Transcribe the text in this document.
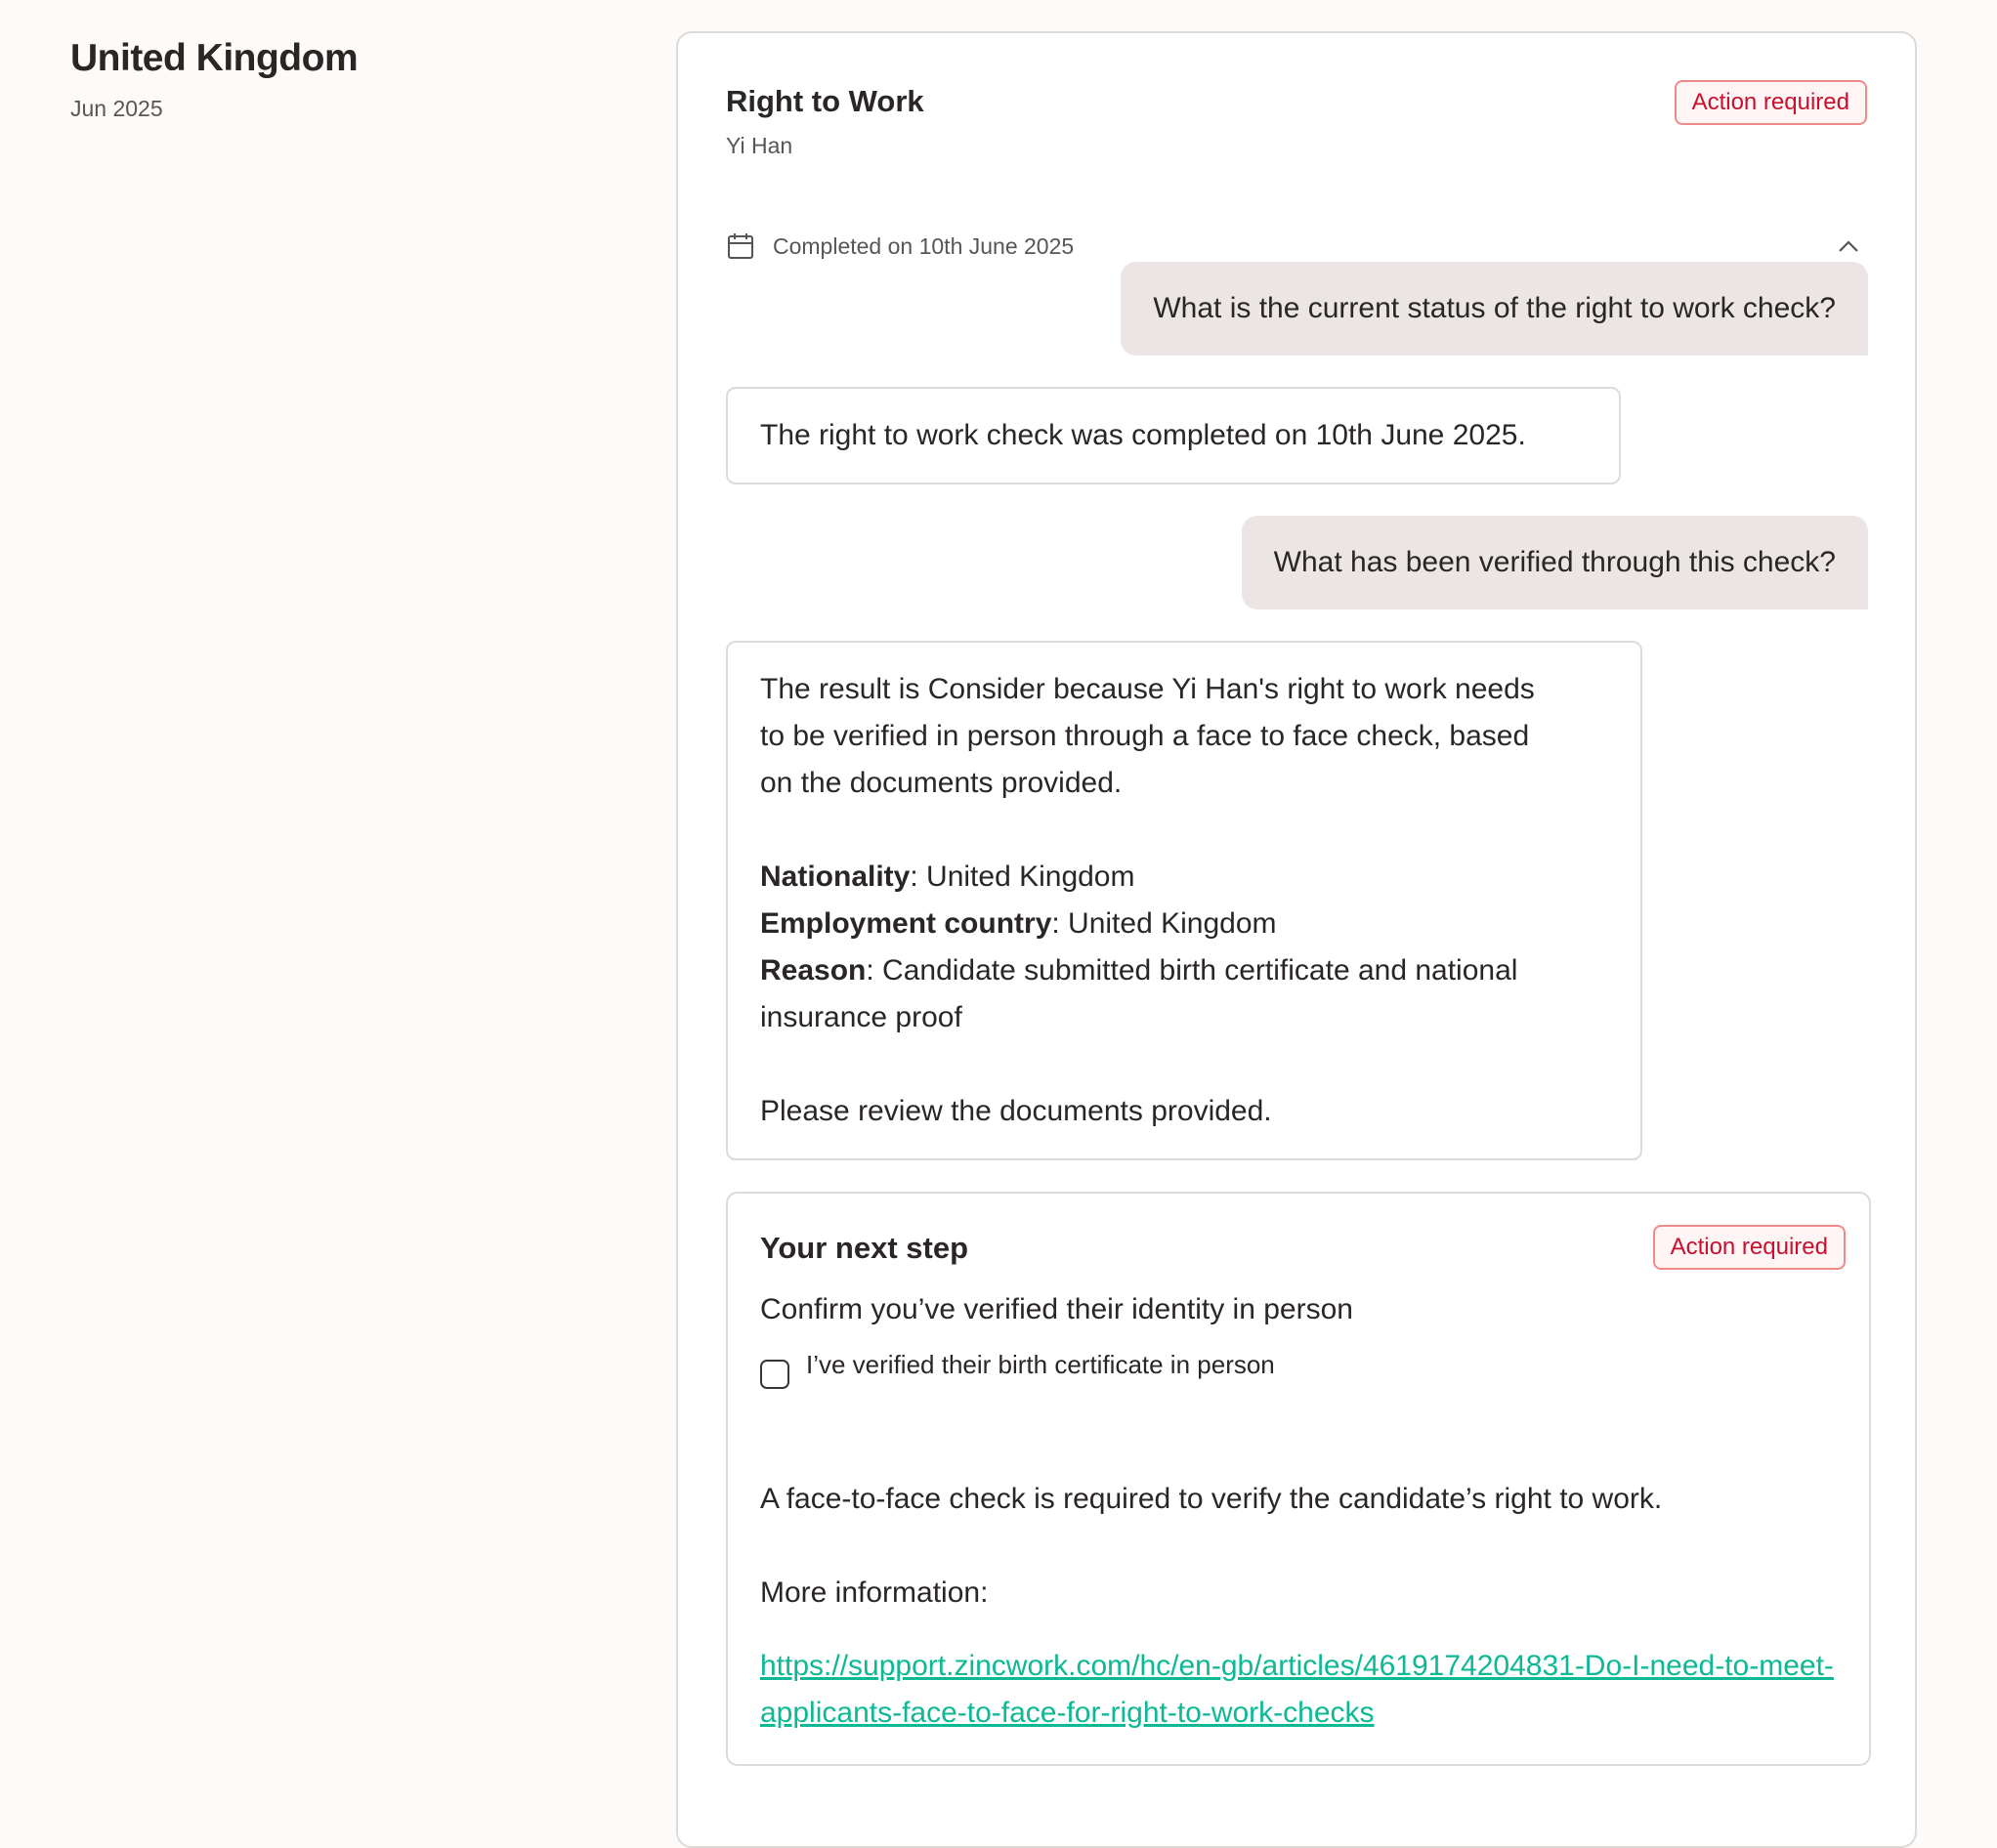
United Kingdom
Jun 2025	Right to Work
Yi Han
Action required
Completed on 10th June 2025
What is the current status of the right to work check?
The right to work check was completed on 10th June 2025.
What has been verified through this check?

The result is Consider because Yi Han's right to work needs

to be verified in person through a face to face check, based

on the documents provided.

Nationality: United Kingdom

Employment country: United Kingdom

Reason: Candidate submitted birth certificate and national

insurance proof

Please review the documents provided.

Your next step	Action required
Confirm you’ve verified their identity in person
I’ve verified their birth certificate in person
A face-to-face check is required to verify the candidate’s right to work.
More information:
https://support.zincwork.com/hc/en-gb/articles/4619174204831-Do-I-need-to-meet-applicants-face-to-face-for-right-to-work-checks
